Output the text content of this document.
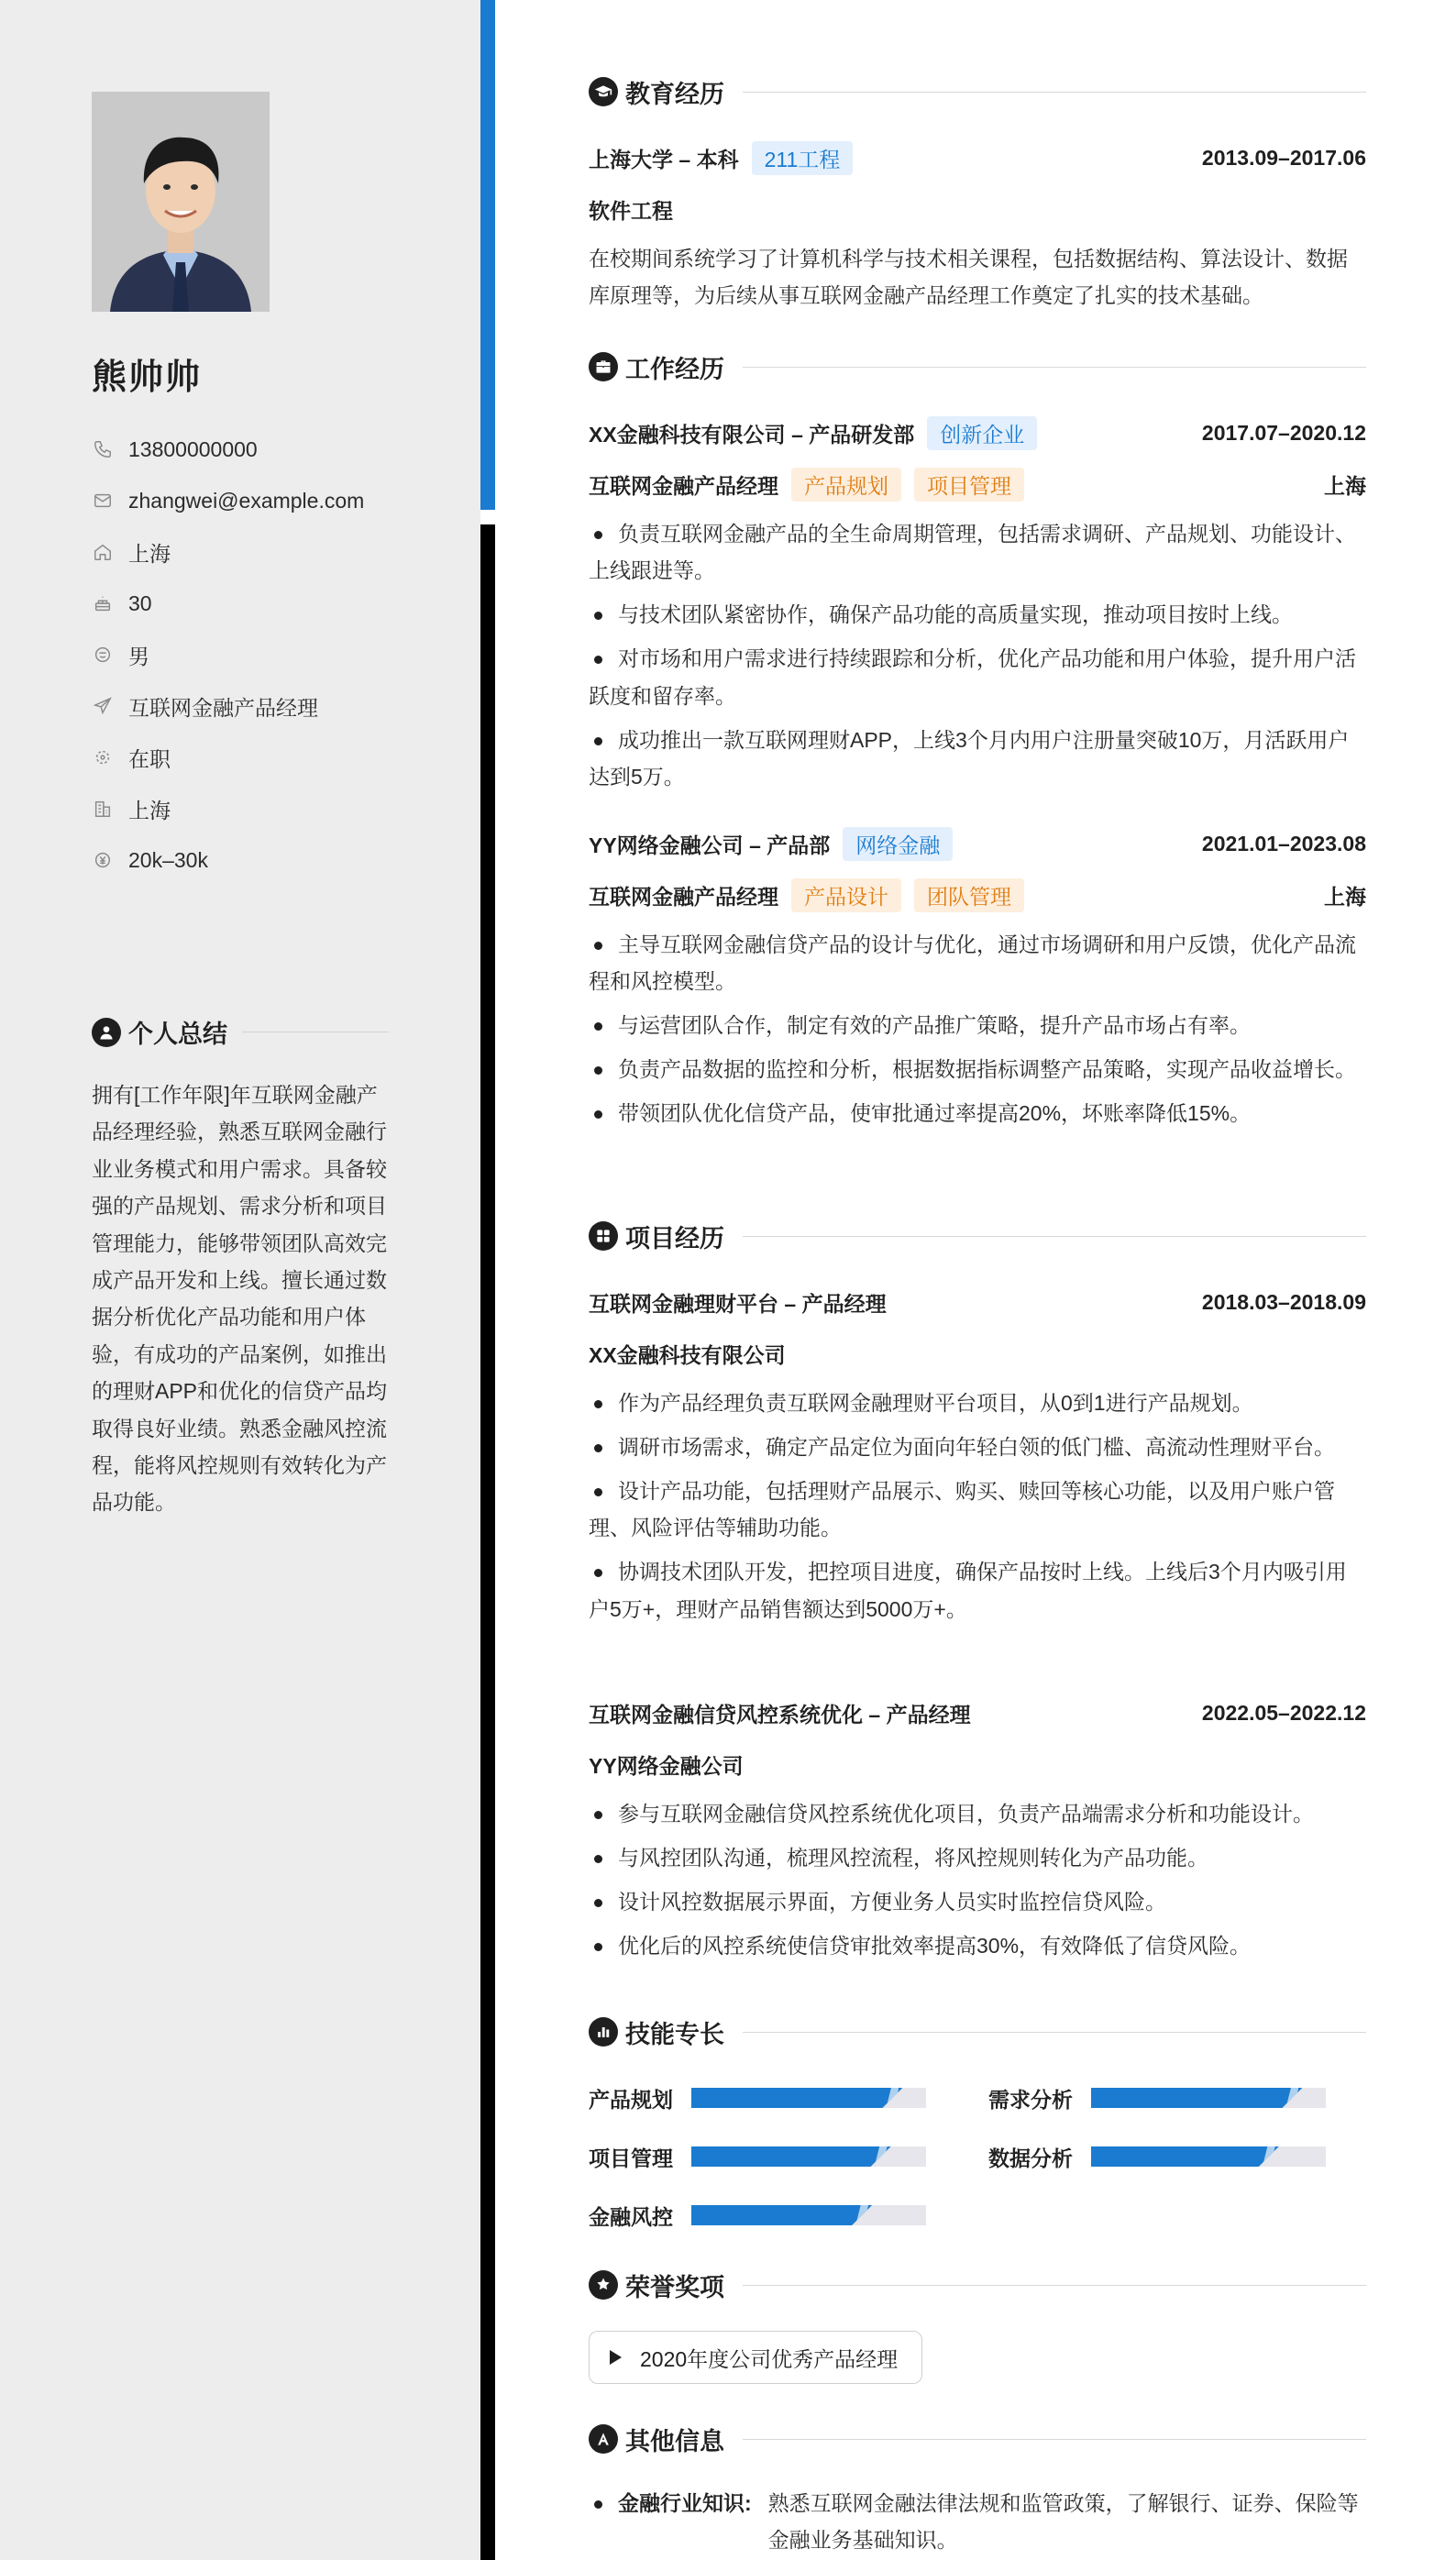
熊帅帅
13800000000
zhangwei@example.com
上海
30
男
互联网金融产品经理
在职
上海
20k–30k
个人总结

拥有[工作年限]年互联网金融产品经理经验，熟悉互联网金融行业业务模式和用户需求。具备较强的产品规划、需求分析和项目管理能力，能够带领团队高效完成产品开发和上线。擅长通过数据分析优化产品功能和用户体验，有成功的产品案例，如推出的理财APP和优化的信贷产品均取得良好业绩。熟悉金融风控流程，能将风控规则有效转化为产品功能。

教育经历
上海大学 – 本科	211工程	2013.09–2017.06
软件工程

在校期间系统学习了计算机科学与技术相关课程，包括数据结构、算法设计、数据库原理等，为后续从事互联网金融产品经理工作奠定了扎实的技术基础。

工作经历
XX金融科技有限公司 – 产品研发部	创新企业	2017.07–2020.12
互联网金融产品经理	产品规划	项目管理	上海
负责互联网金融产品的全生命周期管理，包括需求调研、产品规划、功能设计、上线跟进等。
与技术团队紧密协作，确保产品功能的高质量实现，推动项目按时上线。
对市场和用户需求进行持续跟踪和分析，优化产品功能和用户体验，提升用户活跃度和留存率。
成功推出一款互联网理财APP，上线3个月内用户注册量突破10万，月活跃用户达到5万。
YY网络金融公司 – 产品部	网络金融	2021.01–2023.08
互联网金融产品经理	产品设计	团队管理	上海
主导互联网金融信贷产品的设计与优化，通过市场调研和用户反馈，优化产品流程和风控模型。
与运营团队合作，制定有效的产品推广策略，提升产品市场占有率。
负责产品数据的监控和分析，根据数据指标调整产品策略，实现产品收益增长。
带领团队优化信贷产品，使审批通过率提高20%，坏账率降低15%。
项目经历
互联网金融理财平台 – 产品经理	2018.03–2018.09
XX金融科技有限公司
作为产品经理负责互联网金融理财平台项目，从0到1进行产品规划。
调研市场需求，确定产品定位为面向年轻白领的低门槛、高流动性理财平台。
设计产品功能，包括理财产品展示、购买、赎回等核心功能，以及用户账户管理、风险评估等辅助功能。
协调技术团队开发，把控项目进度，确保产品按时上线。上线后3个月内吸引用户5万+，理财产品销售额达到5000万+。
互联网金融信贷风控系统优化 – 产品经理	2022.05–2022.12
YY网络金融公司
参与互联网金融信贷风控系统优化项目，负责产品端需求分析和功能设计。
与风控团队沟通，梳理风控流程，将风控规则转化为产品功能。
设计风控数据展示界面，方便业务人员实时监控信贷风险。
优化后的风控系统使信贷审批效率提高30%，有效降低了信贷风险。
技能专长
产品规划	需求分析
项目管理	数据分析
金融风控
荣誉奖项
2020年度公司优秀产品经理
其他信息
金融行业知识: 熟悉互联网金融法律法规和监管政策，了解银行、证券、保险等金融业务基础知识。
